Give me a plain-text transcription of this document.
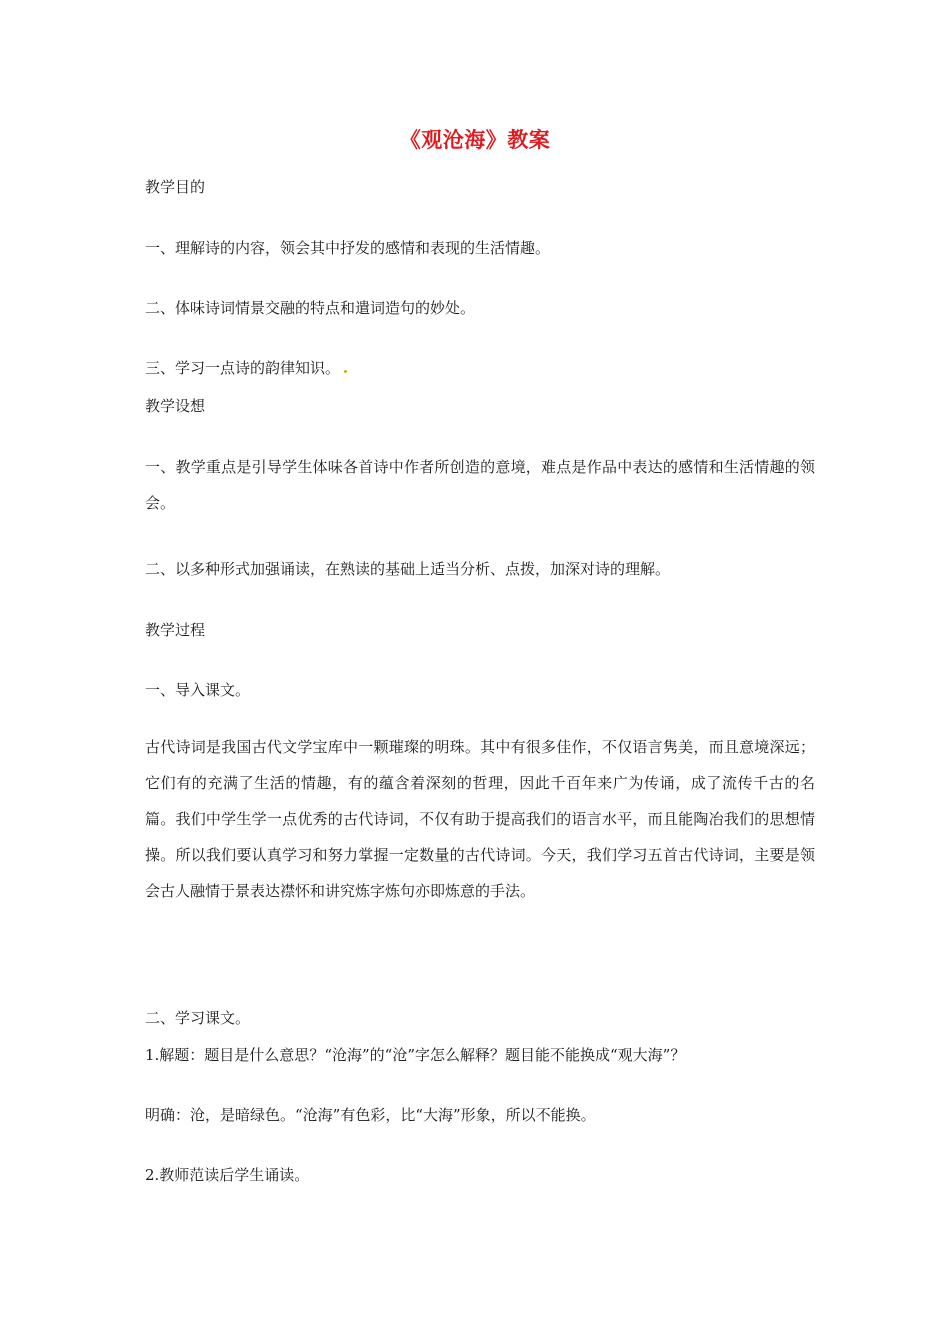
《观沧海》教案
教学目的
一、理解诗的内容，领会其中抒发的感情和表现的生活情趣。
二、体味诗词情景交融的特点和遣词造句的妙处。
三、学习一点诗的韵律知识。
教学设想
一、教学重点是引导学生体味各首诗中作者所创造的意境，难点是作品中表达的感情和生活情趣的领会。
二、以多种形式加强诵读，在熟读的基础上适当分析、点拨，加深对诗的理解。
教学过程
一、导入课文。
古代诗词是我国古代文学宝库中一颗璀璨的明珠。其中有很多佳作，不仅语言隽美，而且意境深远；它们有的充满了生活的情趣，有的蕴含着深刻的哲理，因此千百年来广为传诵，成了流传千古的名篇。我们中学生学一点优秀的古代诗词，不仅有助于提高我们的语言水平，而且能陶冶我们的思想情操。所以我们要认真学习和努力掌握一定数量的古代诗词。今天，我们学习五首古代诗词，主要是领会古人融情于景表达襟怀和讲究炼字炼句亦即炼意的手法。
二、学习课文。
1.解题：题目是什么意思？“沧海”的“沧”字怎么解释？题目能不能换成“观大海”？
明确：沧，是暗绿色。“沧海”有色彩，比“大海”形象，所以不能换。
2.教师范读后学生诵读。
